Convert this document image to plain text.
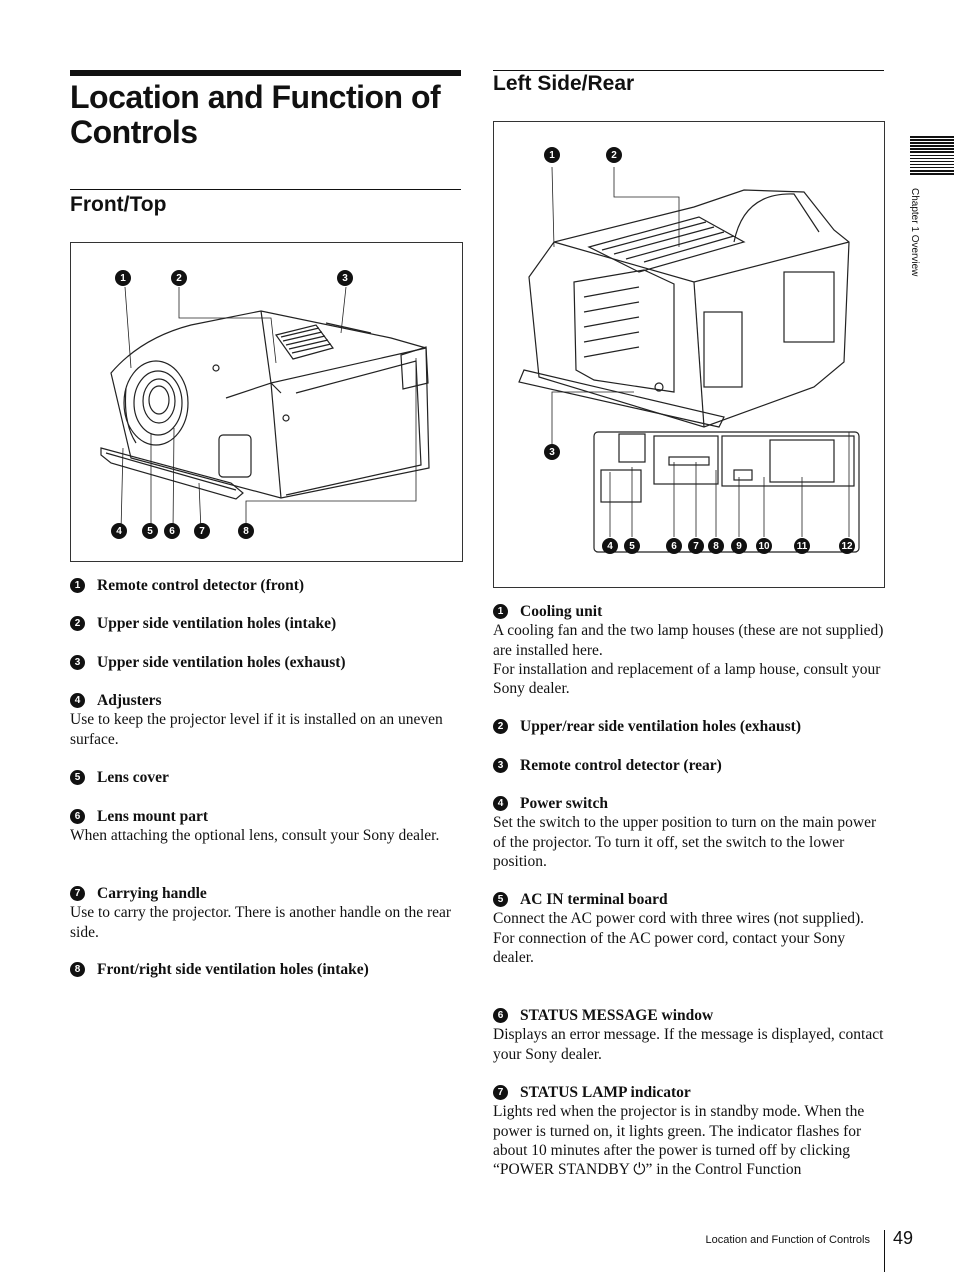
Location and Function of Controls
Chapter 1 Overview
Front/Top
1	2	3
4	5	6	7	8
1	Remote control detector (front)
2	Upper side ventilation holes (intake)
3	Upper side ventilation holes (exhaust)
4	Adjusters
Use to keep the projector level if it is installed on an uneven surface.
5	Lens cover
6	Lens mount part
When attaching the optional lens, consult your Sony dealer.
7	Carrying handle
Use to carry the projector. There is another handle on the rear side.
8	Front/right side ventilation holes (intake)
Left Side/Rear
1	2
3
4	5	6	7	8	9	10	11	12
1	Cooling unit
A cooling fan and the two lamp houses (these are not supplied) are installed here.
For installation and replacement of a lamp house, consult your Sony dealer.
2	Upper/rear side ventilation holes (exhaust)
3	Remote control detector (rear)
4	Power switch
Set the switch to the upper position to turn on the main power of the projector. To turn it off, set the switch to the lower position.
5	AC IN terminal board
Connect the AC power cord with three wires (not supplied).
For connection of the AC power cord, contact your Sony dealer.
6	STATUS MESSAGE window
Displays an error message. If the message is displayed, contact your Sony dealer.
7	STATUS LAMP indicator
Lights red when the projector is in standby mode. When the power is turned on, it lights green. The indicator flashes for about 10 minutes after the power is turned off by clicking “POWER STANDBY ⏻” in the Control Function
Location and Function of Controls 49
